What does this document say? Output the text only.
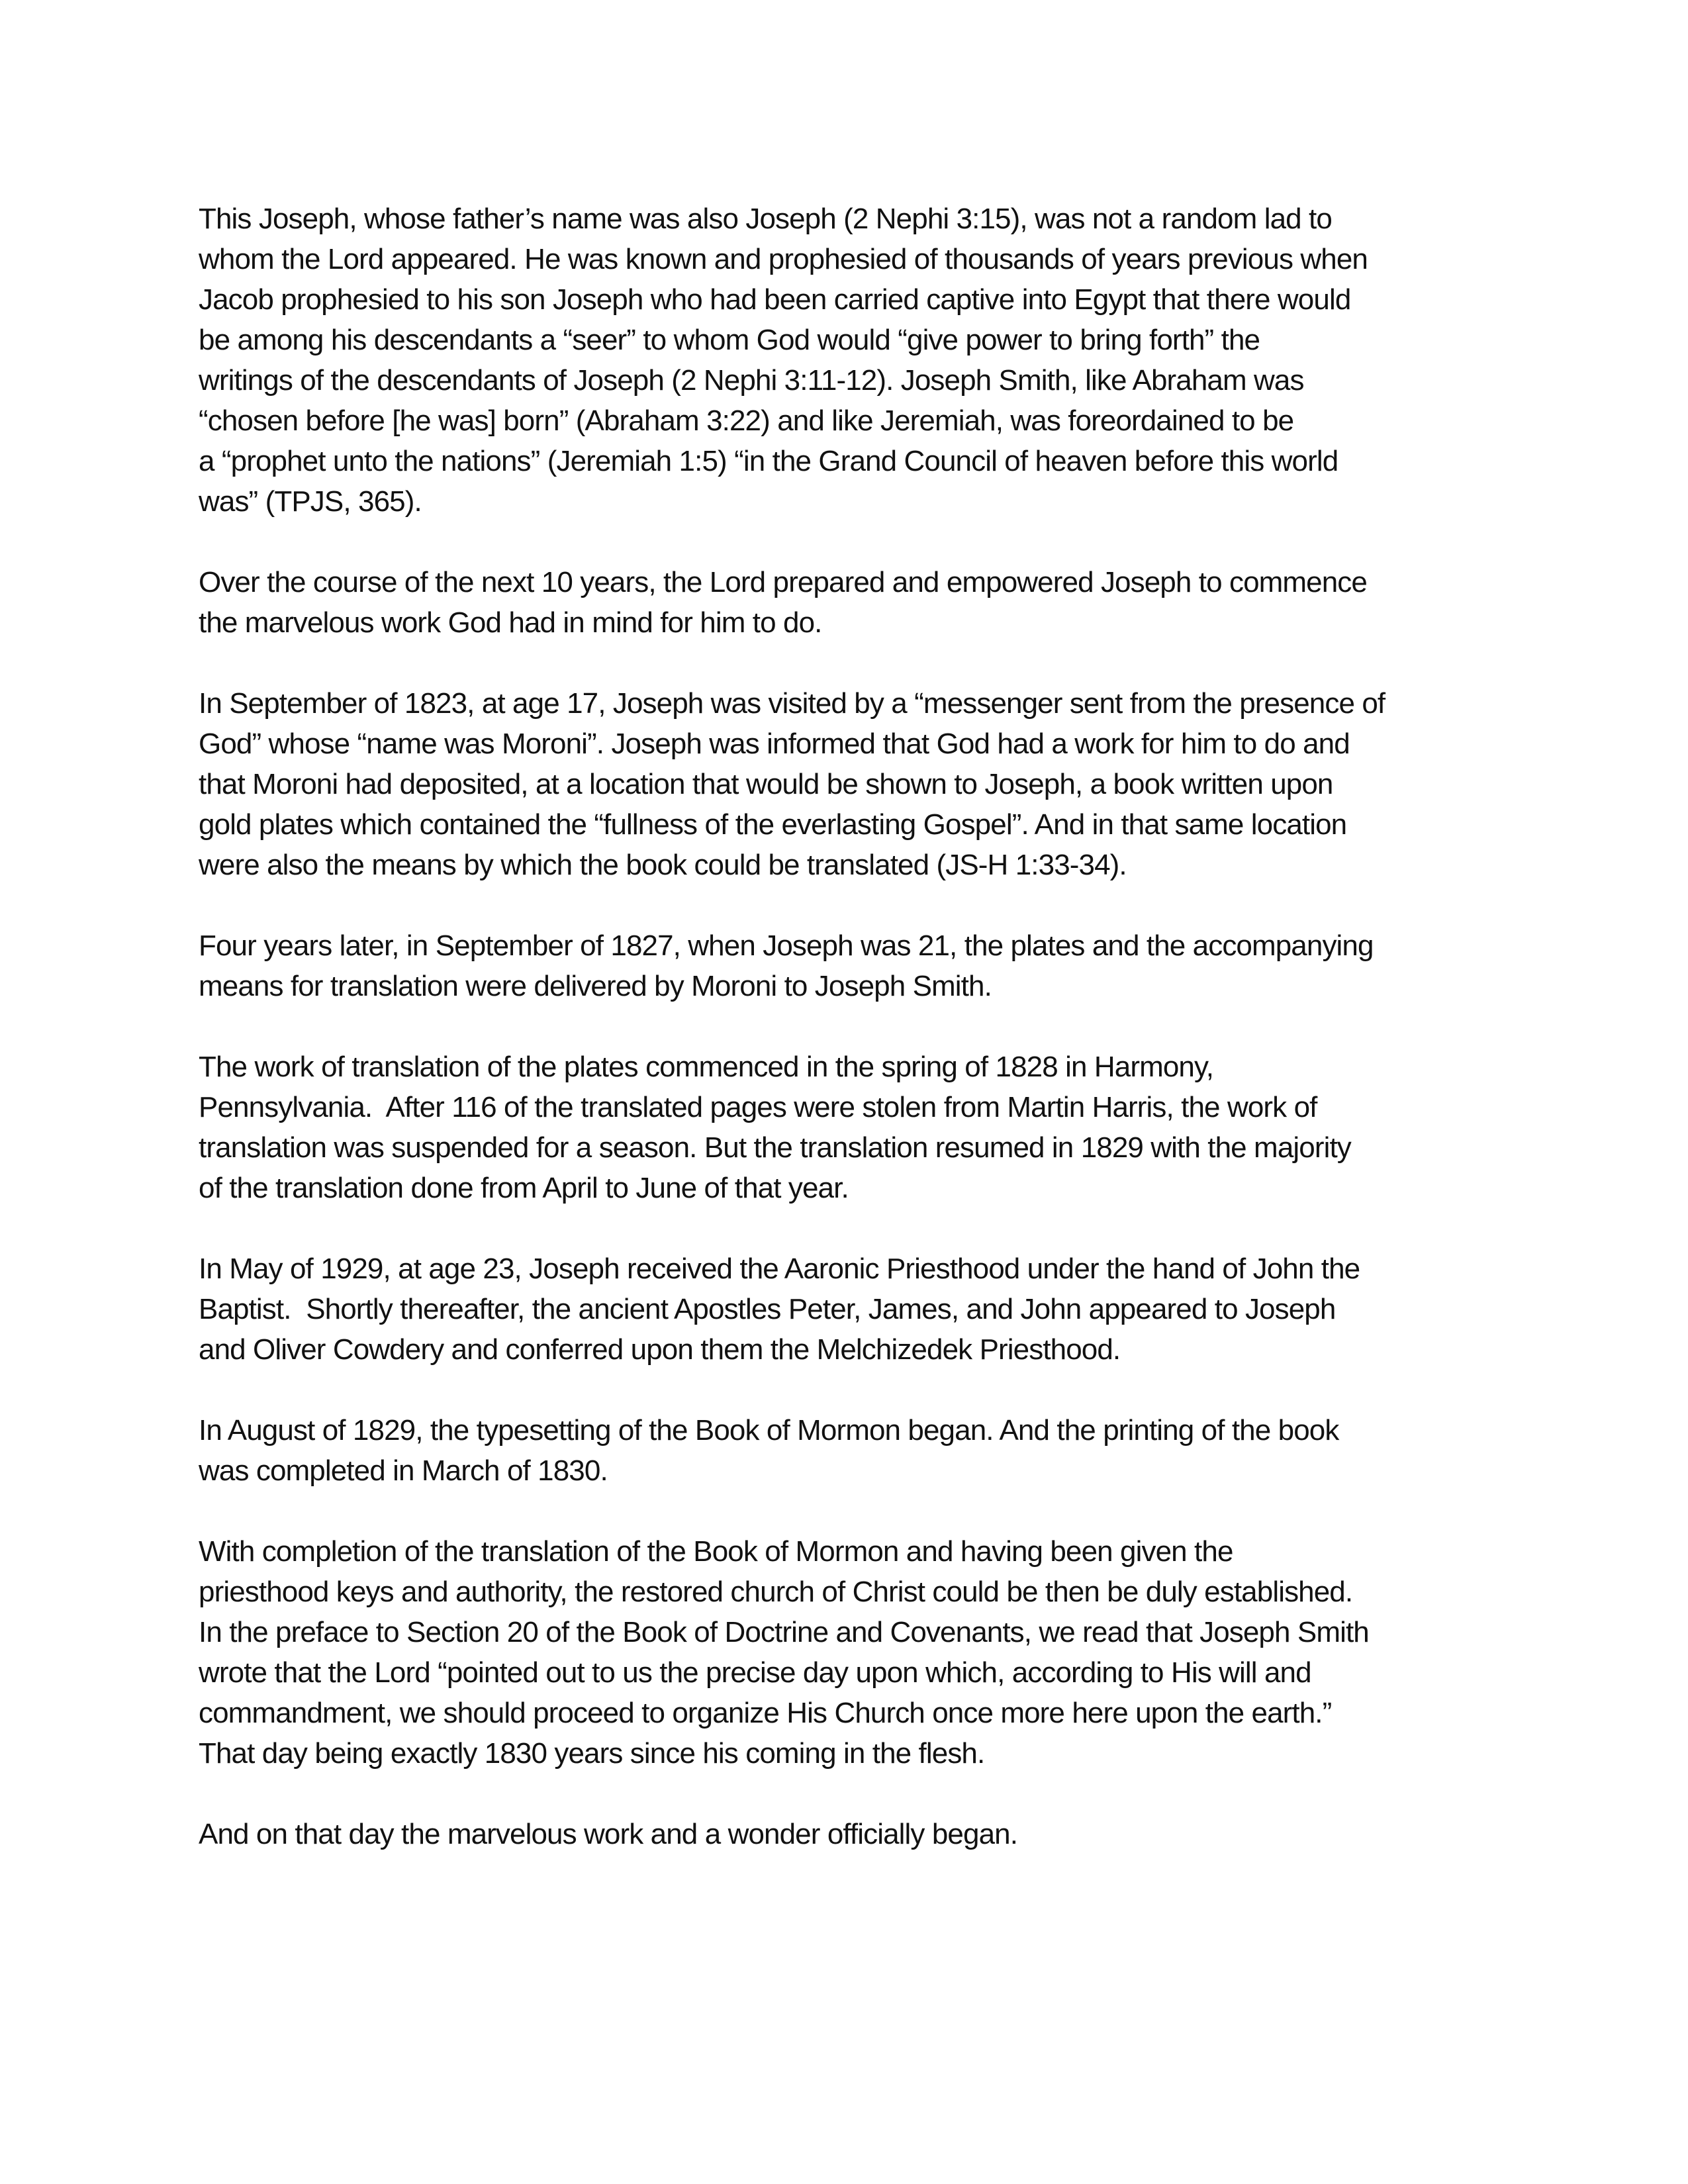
This Joseph, whose father’s name was also Joseph (2 Nephi 3:15), was not a random lad to
whom the Lord appeared. He was known and prophesied of thousands of years previous when
Jacob prophesied to his son Joseph who had been carried captive into Egypt that there would
be among his descendants a “seer” to whom God would “give power to bring forth” the
writings of the descendants of Joseph (2 Nephi 3:11-12). Joseph Smith, like Abraham was
“chosen before [he was] born” (Abraham 3:22) and like Jeremiah, was foreordained to be
a “prophet unto the nations” (Jeremiah 1:5) “in the Grand Council of heaven before this world
was” (TPJS, 365).

Over the course of the next 10 years, the Lord prepared and empowered Joseph to commence
the marvelous work God had in mind for him to do.

In September of 1823, at age 17, Joseph was visited by a “messenger sent from the presence of
God” whose “name was Moroni”. Joseph was informed that God had a work for him to do and
that Moroni had deposited, at a location that would be shown to Joseph, a book written upon
gold plates which contained the “fullness of the everlasting Gospel”. And in that same location
were also the means by which the book could be translated (JS-H 1:33-34).

Four years later, in September of 1827, when Joseph was 21, the plates and the accompanying
means for translation were delivered by Moroni to Joseph Smith.

The work of translation of the plates commenced in the spring of 1828 in Harmony,
Pennsylvania.  After 116 of the translated pages were stolen from Martin Harris, the work of
translation was suspended for a season. But the translation resumed in 1829 with the majority
of the translation done from April to June of that year.

In May of 1929, at age 23, Joseph received the Aaronic Priesthood under the hand of John the
Baptist.  Shortly thereafter, the ancient Apostles Peter, James, and John appeared to Joseph
and Oliver Cowdery and conferred upon them the Melchizedek Priesthood.

In August of 1829, the typesetting of the Book of Mormon began. And the printing of the book
was completed in March of 1830.

With completion of the translation of the Book of Mormon and having been given the
priesthood keys and authority, the restored church of Christ could be then be duly established.
In the preface to Section 20 of the Book of Doctrine and Covenants, we read that Joseph Smith
wrote that the Lord “pointed out to us the precise day upon which, according to His will and
commandment, we should proceed to organize His Church once more here upon the earth.”
That day being exactly 1830 years since his coming in the flesh.

And on that day the marvelous work and a wonder officially began.
